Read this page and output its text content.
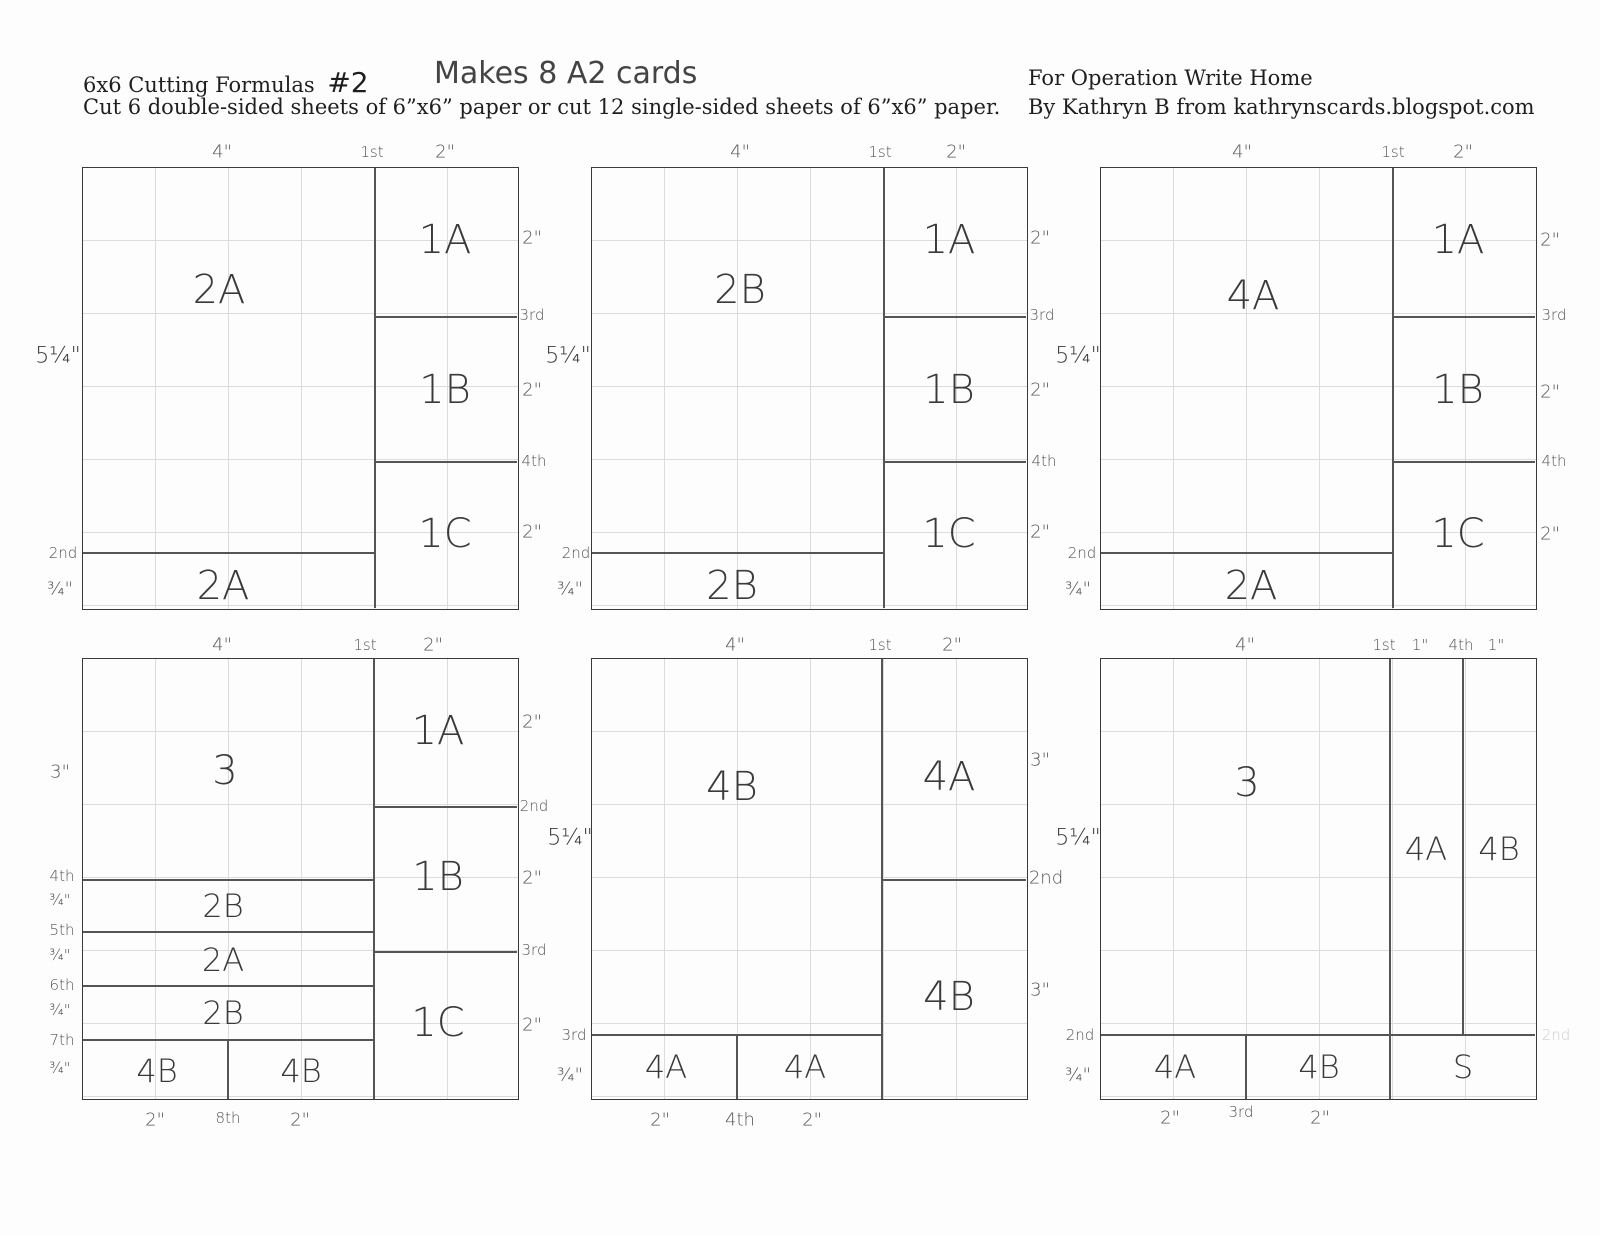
6x6 Cutting Formulas #2 Makes 8 A2 cards
Cut 6 double-sided sheets of 6”x6” paper or cut 12 single-sided sheets of 6”x6” paper.
For Operation Write Home
By Kathryn B from kathrynscards.blogspot.com
4"	1st	2"
2A
1A
1B
1C
2A
5¼"
2nd
¾"
2"
3rd
2"
4th
2"
4"	1st	2"
2B
1A
1B
1C
2B
5¼"
2nd
¾"
2"
3rd
2"
4th
2"
4"	1st	2"
4A
1A
1B
1C
2A
5¼"
2nd
¾"
2"
3rd
2"
4th
2"
4"	1st	2"
3
1A
1B
1C
2B
2A
2B
4B	4B
3"
4th
¾"
5th
¾"
6th
¾"
7th
¾"
2"
2nd
2"
3rd
2"
2"	8th	2"
4"	1st	2"
4B	4A
4B
4A	4A
5¼"
3rd
¾"
3"
2nd
3"
2"	4th	2"
4"	1st 1" 4th 1"
3
4A 4B
4A	4B	S
5¼"
2nd
¾"
2nd
2"	3rd	2"
